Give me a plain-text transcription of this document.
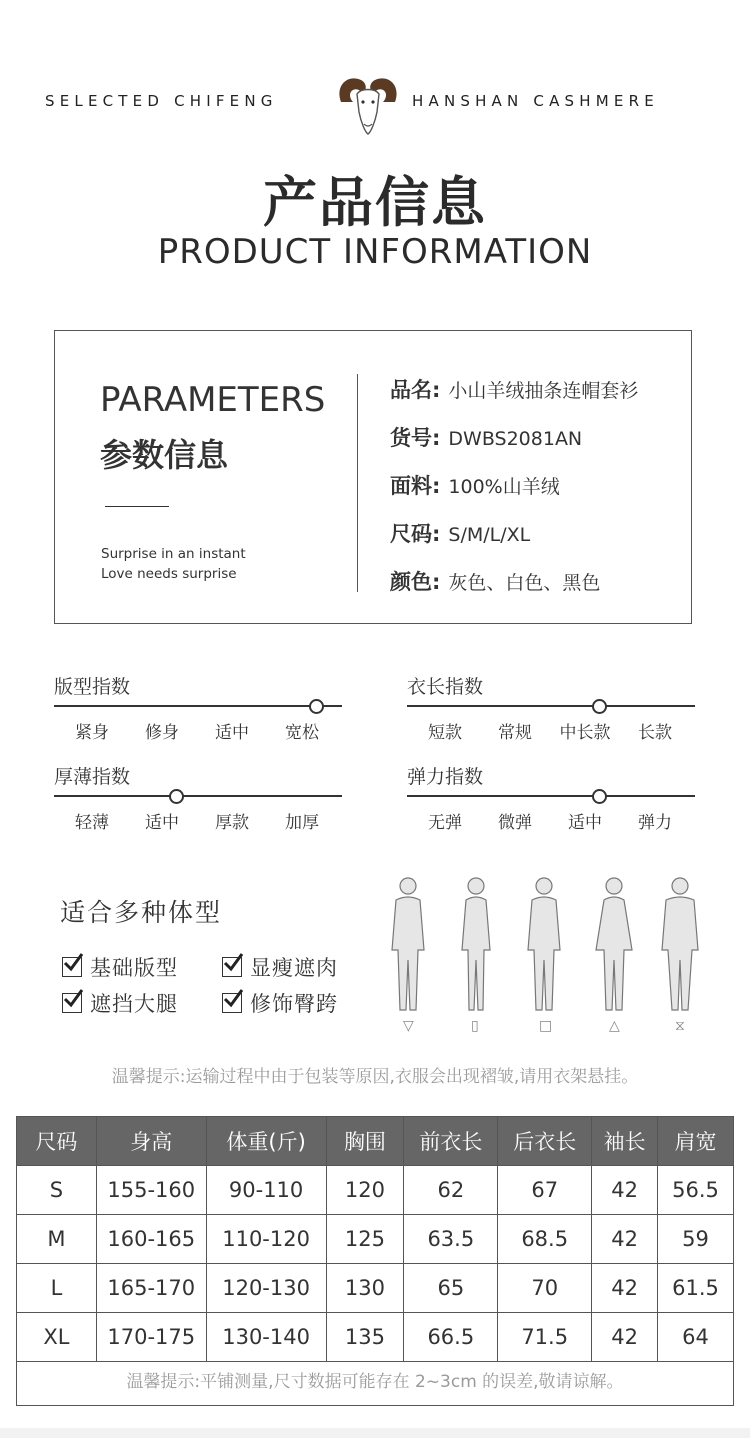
SELECTED CHIFENG	HANSHAN CASHMERE
产品信息
PRODUCT INFORMATION
PARAMETERS
参数信息
Surprise in an instant
Love needs surprise
品名: 小山羊绒抽条连帽套衫
货号: DWBS2081AN
面料: 100%山羊绒
尺码: S/M/L/XL
颜色: 灰色、白色、黑色
版型指数
紧身	修身	适中	宽松
衣长指数
短款	常规	中长款	长款
厚薄指数
轻薄	适中	厚款	加厚
弹力指数
无弹	微弹	适中	弹力
适合多种体型
基础版型	显瘦遮肉
遮挡大腿	修饰臀跨
▽	▯	□	△	⧖
温馨提示:运输过程中由于包装等原因,衣服会出现褶皱,请用衣架悬挂。
尺码	身高	体重(斤)	胸围	前衣长	后衣长	袖长	肩宽
S	155-160	90-110	120	62	67	42	56.5
M	160-165	110-120	125	63.5	68.5	42	59
L	165-170	120-130	130	65	70	42	61.5
XL	170-175	130-140	135	66.5	71.5	42	64
温馨提示:平铺测量,尺寸数据可能存在 2~3cm 的误差,敬请谅解。
